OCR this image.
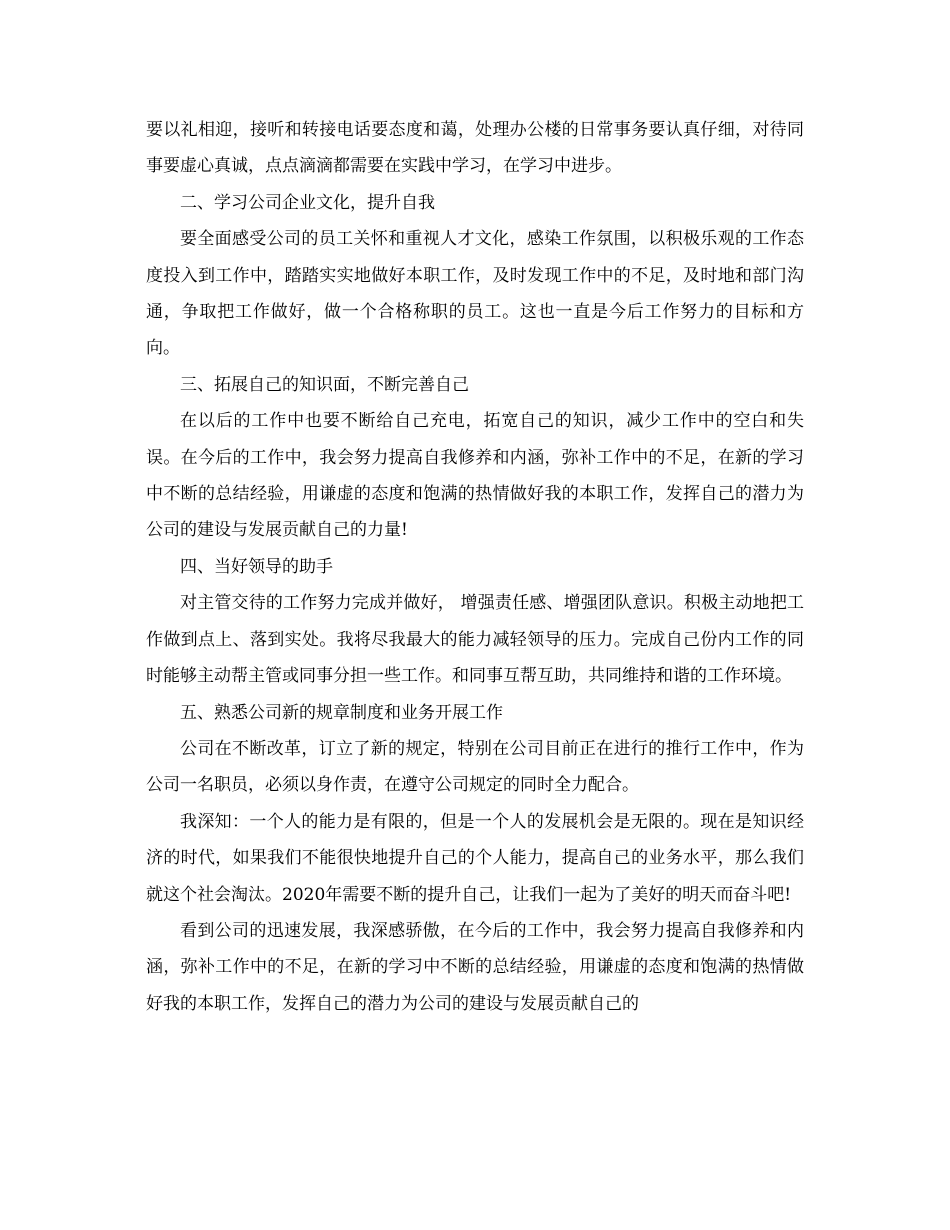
要以礼相迎，接听和转接电话要态度和蔼，处理办公楼的日常事务要认真仔细，对待同事要虚心真诚，点点滴滴都需要在实践中学习，在学习中进步。

二、学习公司企业文化，提升自我

要全面感受公司的员工关怀和重视人才文化，感染工作氛围，以积极乐观的工作态度投入到工作中，踏踏实实地做好本职工作，及时发现工作中的不足，及时地和部门沟通，争取把工作做好，做一个合格称职的员工。这也一直是今后工作努力的目标和方向。

三、拓展自己的知识面，不断完善自己

在以后的工作中也要不断给自己充电，拓宽自己的知识，减少工作中的空白和失误。在今后的工作中，我会努力提高自我修养和内涵，弥补工作中的不足，在新的学习中不断的总结经验，用谦虚的态度和饱满的热情做好我的本职工作，发挥自己的潜力为公司的建设与发展贡献自己的力量!

四、当好领导的助手

对主管交待的工作努力完成并做好， 增强责任感、增强团队意识。积极主动地把工作做到点上、落到实处。我将尽我最大的能力减轻领导的压力。完成自己份内工作的同时能够主动帮主管或同事分担一些工作。和同事互帮互助，共同维持和谐的工作环境。

五、熟悉公司新的规章制度和业务开展工作

公司在不断改革，订立了新的规定，特别在公司目前正在进行的推行工作中，作为公司一名职员，必须以身作责，在遵守公司规定的同时全力配合。

我深知：一个人的能力是有限的，但是一个人的发展机会是无限的。现在是知识经济的时代，如果我们不能很快地提升自己的个人能力，提高自己的业务水平，那么我们就这个社会淘汰。2020年需要不断的提升自己，让我们一起为了美好的明天而奋斗吧!

看到公司的迅速发展，我深感骄傲，在今后的工作中，我会努力提高自我修养和内涵，弥补工作中的不足，在新的学习中不断的总结经验，用谦虚的态度和饱满的热情做好我的本职工作，发挥自己的潜力为公司的建设与发展贡献自己的
